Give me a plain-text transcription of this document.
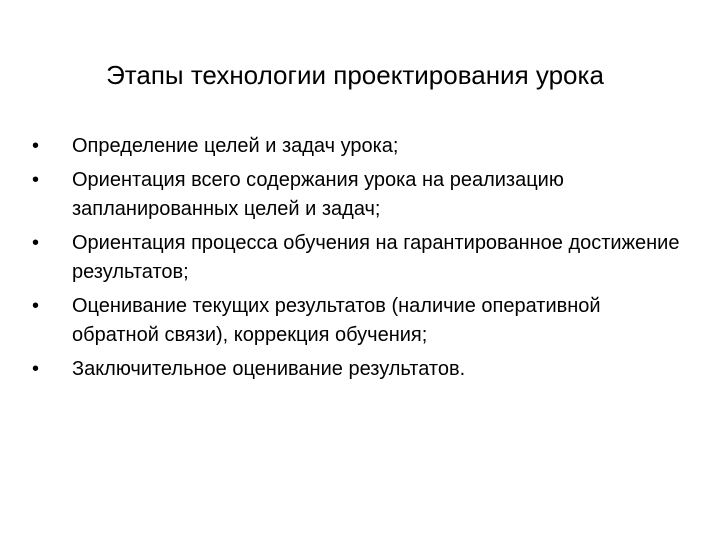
Этапы технологии проектирования урока
• Определение целей и задач урока;
• Ориентация всего содержания урока на реализацию запланированных целей и задач;
• Ориентация процесса обучения на гарантированное достижение результатов;
• Оценивание текущих результатов (наличие оперативной обратной связи), коррекция обучения;
• Заключительное оценивание результатов.
